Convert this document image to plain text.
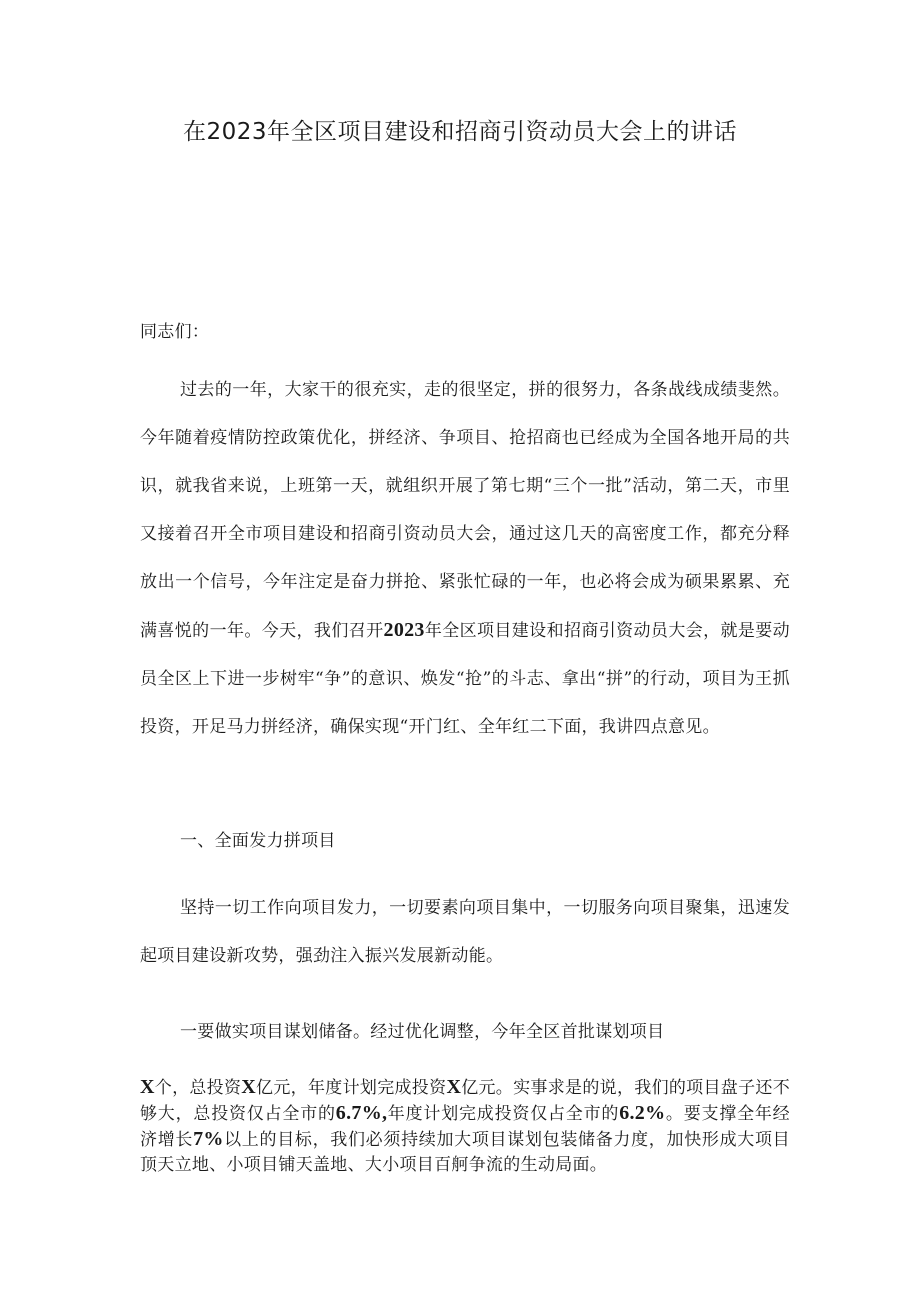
在2023年全区项目建设和招商引资动员大会上的讲话

同志们：

过去的一年，大家干的很充实，走的很坚定，拼的很努力，各条战线成绩斐然。今年随着疫情防控政策优化，拼经济、争项目、抢招商也已经成为全国各地开局的共识，就我省来说，上班第一天，就组织开展了第七期“三个一批”活动，第二天，市里又接着召开全市项目建设和招商引资动员大会，通过这几天的高密度工作，都充分释放出一个信号，今年注定是奋力拼抢、紧张忙碌的一年，也必将会成为硕果累累、充满喜悦的一年。今天，我们召开2023年全区项目建设和招商引资动员大会，就是要动员全区上下进一步树牢“争”的意识、焕发“抢”的斗志、拿出“拼”的行动，项目为王抓投资，开足马力拼经济，确保实现“开门红、全年红二下面，我讲四点意见。

一、全面发力拼项目

坚持一切工作向项目发力，一切要素向项目集中，一切服务向项目聚集，迅速发起项目建设新攻势，强劲注入振兴发展新动能。

一要做实项目谋划储备。经过优化调整，今年全区首批谋划项目

X个，总投资X亿元，年度计划完成投资X亿元。实事求是的说，我们的项目盘子还不够大，总投资仅占全市的6.7%,年度计划完成投资仅占全市的6.2%。要支撑全年经济增长7%以上的目标，我们必须持续加大项目谋划包装储备力度，加快形成大项目顶天立地、小项目铺天盖地、大小项目百舸争流的生动局面。
